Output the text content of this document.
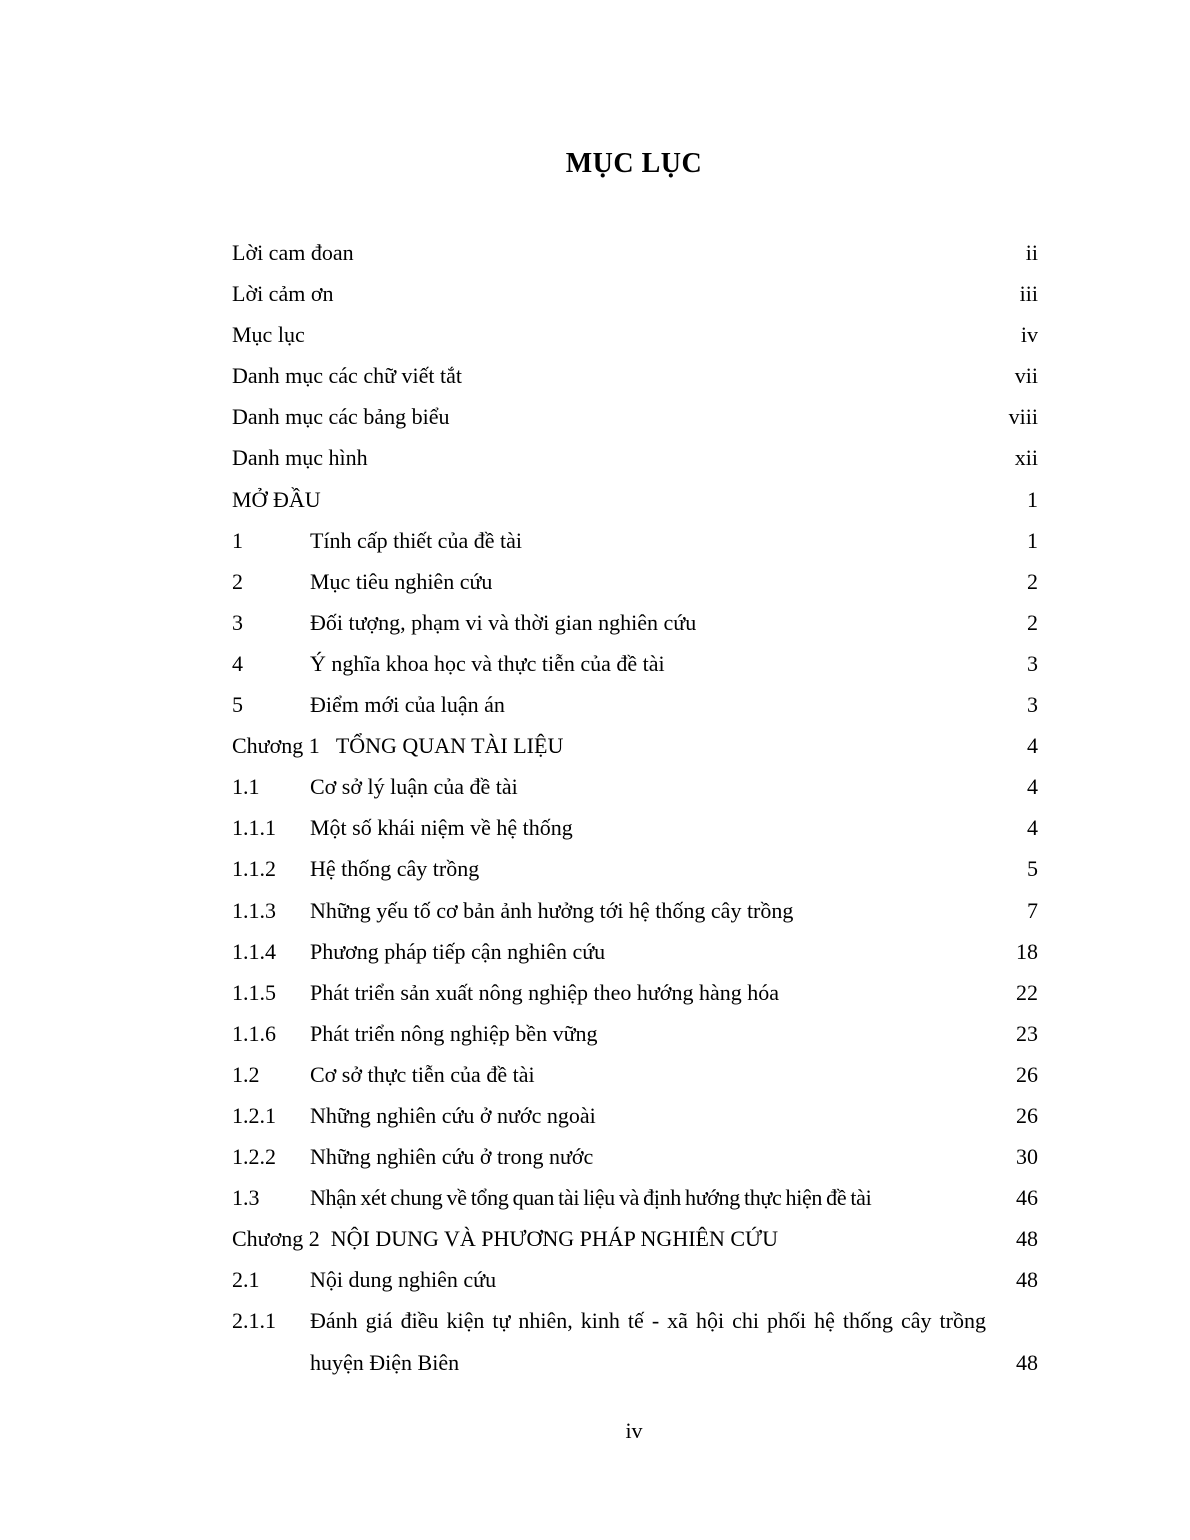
MỤC LỤC
Lời cam đoan	ii
Lời cảm ơn	iii
Mục lục	iv
Danh mục các chữ viết tắt	vii
Danh mục các bảng biểu	viii
Danh mục hình	xii
MỞ ĐẦU	1
1	Tính cấp thiết của đề tài	1
2	Mục tiêu nghiên cứu	2
3	Đối tượng, phạm vi và thời gian nghiên cứu	2
4	Ý nghĩa khoa học và thực tiễn của đề tài	3
5	Điểm mới của luận án	3
Chương 1   TỔNG QUAN TÀI LIỆU	4
1.1 Cơ sở lý luận của đề tài	4
1.1.1 Một số khái niệm về hệ thống	4
1.1.2 Hệ thống cây trồng	5
1.1.3 Những yếu tố cơ bản ảnh hưởng tới hệ thống cây trồng	7
1.1.4 Phương pháp tiếp cận nghiên cứu	18
1.1.5 Phát triển sản xuất nông nghiệp theo hướng hàng hóa	22
1.1.6 Phát triển nông nghiệp bền vững	23
1.2 Cơ sở thực tiễn của đề tài	26
1.2.1 Những nghiên cứu ở nước ngoài	26
1.2.2 Những nghiên cứu ở trong nước	30
1.3 Nhận xét chung về tổng quan tài liệu và định hướng thực hiện đề tài	46
Chương 2  NỘI DUNG VÀ PHƯƠNG PHÁP NGHIÊN CỨU	48
2.1 Nội dung nghiên cứu	48
2.1.1 Đánh giá điều kiện tự nhiên, kinh tế - xã hội chi phối hệ thống cây trồng huyện Điện Biên	48
iv
